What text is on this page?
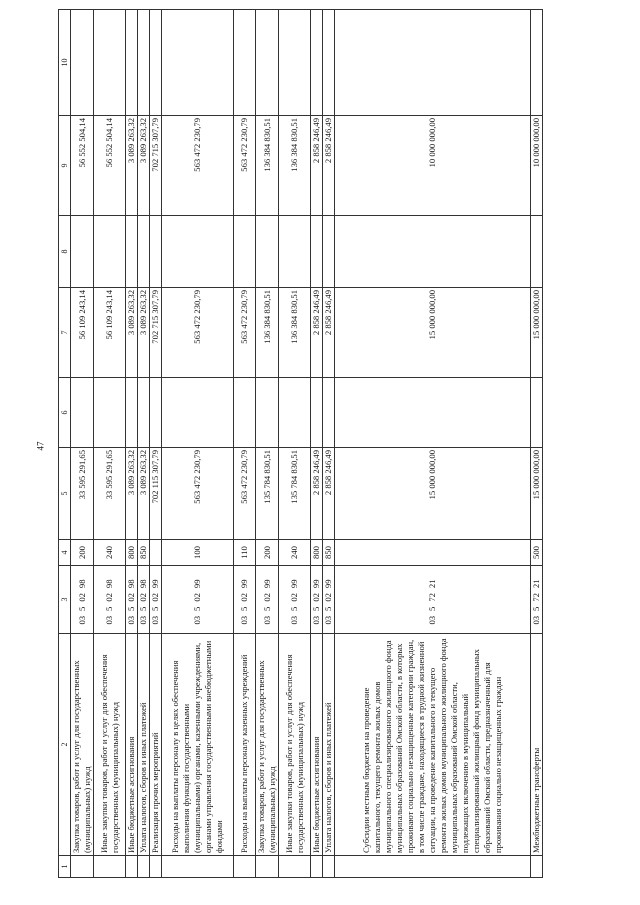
47
1	2	3	4	5	6	7	8	9	10
	Закупка товаров, работ и услуг для государственных (муниципальных) нужд	0350298	200	33 595 291,65		56 109 243,14		56 552 504,14	
	Иные закупки товаров, работ и услуг для обеспечения государственных (муниципальных) нужд	0350298	240	33 595 291,65		56 109 243,14		56 552 504,14	
	Иные бюджетные ассигнования	0350298	800	3 089 263,32		3 089 263,32		3 089 263,32	
	Уплата налогов, сборов и иных платежей	0350298	850	3 089 263,32		3 089 263,32		3 089 263,32	
	Реализация прочих мероприятий	0350299		702 115 307,79		702 715 307,79		702 715 307,79	
	Расходы на выплаты персоналу в целях обеспечения выполнения функций государственными (муниципальными) органами, казенными учреждениями, органами управления государственными внебюджетными фондами	0350299	100	563 472 230,79		563 472 230,79		563 472 230,79	
	Расходы на выплаты персоналу казенных учреждений	0350299	110	563 472 230,79		563 472 230,79		563 472 230,79	
	Закупка товаров, работ и услуг для государственных (муниципальных) нужд	0350299	200	135 784 830,51		136 384 830,51		136 384 830,51	
	Иные закупки товаров, работ и услуг для обеспечения государственных (муниципальных) нужд	0350299	240	135 784 830,51		136 384 830,51		136 384 830,51	
	Иные бюджетные ассигнования	0350299	800	2 858 246,49		2 858 246,49		2 858 246,49	
	Уплата налогов, сборов и иных платежей	0350299	850	2 858 246,49		2 858 246,49		2 858 246,49	
	Субсидии местным бюджетам на проведение капитального, текущего ремонта жилых домов муниципального специализированного жилищного фонда муниципальных образований Омской области, в которых проживают социально незащищенные категории граждан, в том числе граждане, находящиеся в трудной жизненной ситуации, на проведение капитального и текущего ремонта жилых домов муниципального жилищного фонда муниципальных образований Омской области, подлежащих включению в муниципальный специализированный жилищный фонд муниципальных образований Омской области, предназначенный для проживания социально незащищенных граждан	0357221		15 000 000,00		15 000 000,00		10 000 000,00	
	Межбюджетные трансферты	0357221	500	15 000 000,00		15 000 000,00		10 000 000,00	
